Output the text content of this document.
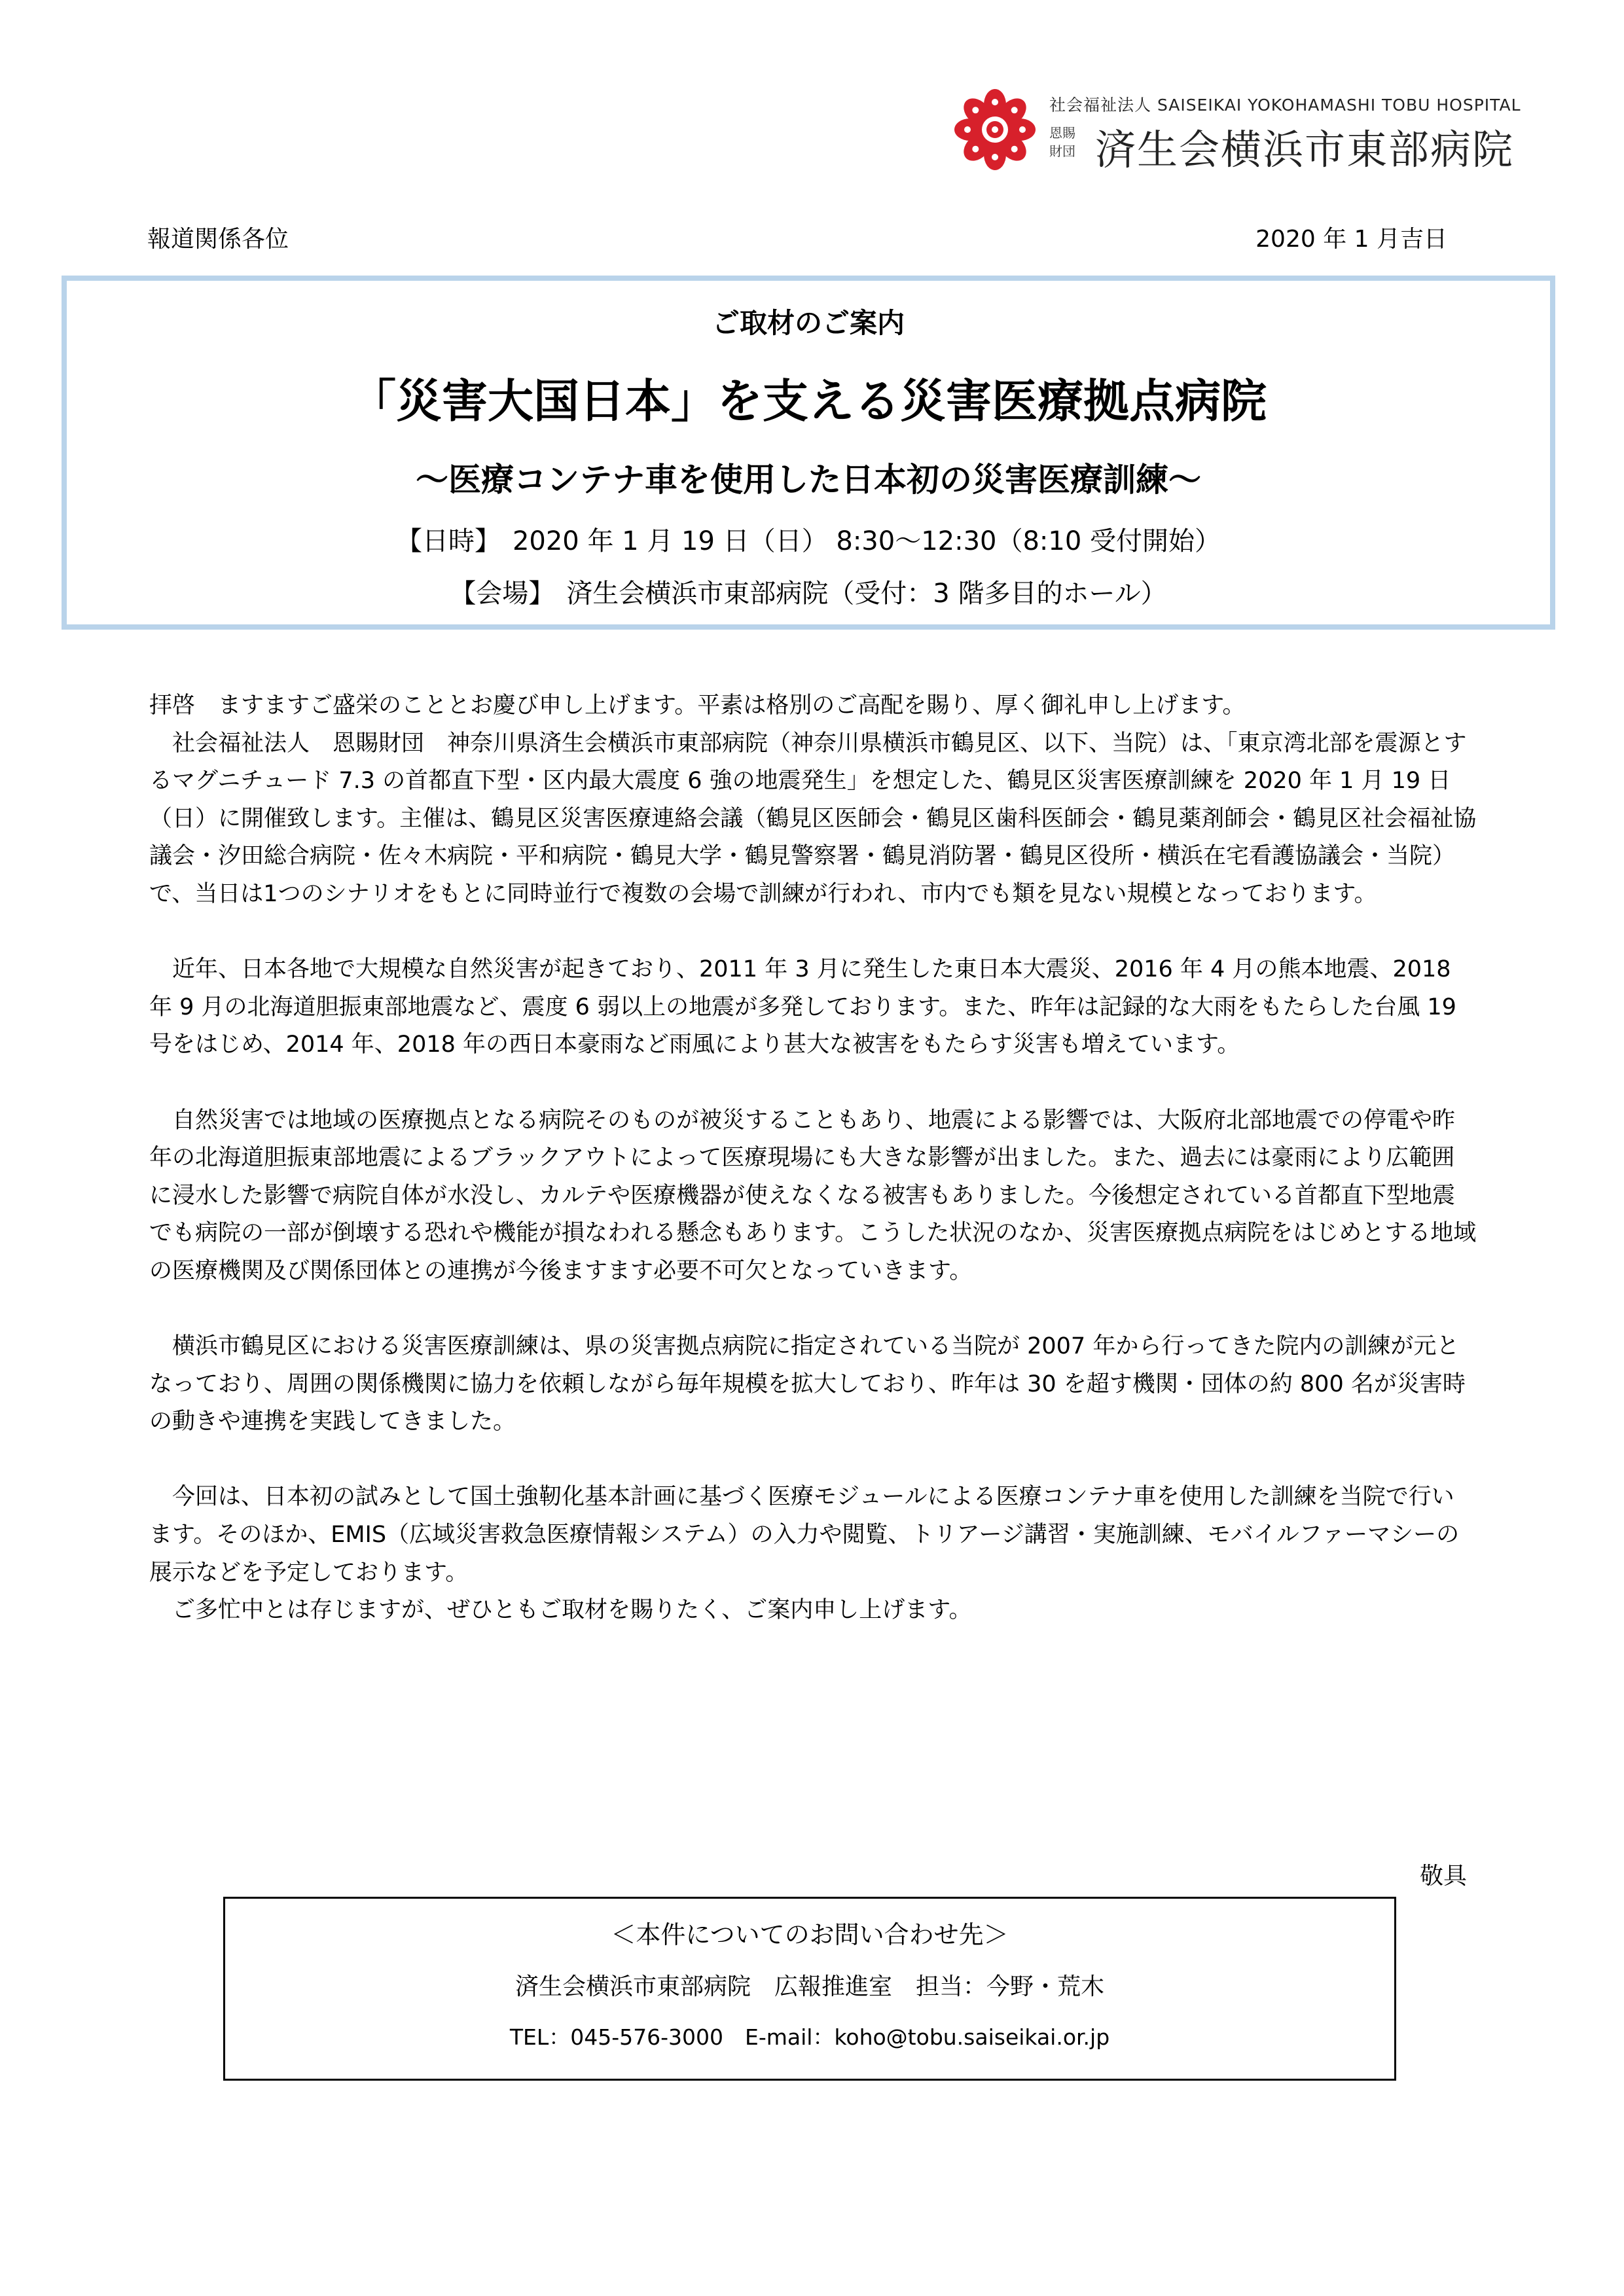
社会福祉法人 SAISEIKAI YOKOHAMASHI TOBU HOSPITAL
恩賜財団 済生会横浜市東部病院
報道関係各位	2020 年 1 月吉日
ご取材のご案内
「災害大国日本」を支える災害医療拠点病院
～医療コンテナ車を使用した日本初の災害医療訓練～
【日時】 2020 年 1 月 19 日（日） 8:30～12:30（8:10 受付開始）
【会場】 済生会横浜市東部病院（受付：3 階多目的ホール）

拝啓　ますますご盛栄のこととお慶び申し上げます。平素は格別のご高配を賜り、厚く御礼申し上げます。

社会福祉法人　恩賜財団　神奈川県済生会横浜市東部病院（神奈川県横浜市鶴見区、以下、当院）は、「東京湾北部を震源とするマグニチュード 7.3 の首都直下型・区内最大震度 6 強の地震発生」を想定した、鶴見区災害医療訓練を 2020 年 1 月 19 日（日）に開催致します。主催は、鶴見区災害医療連絡会議（鶴見区医師会・鶴見区歯科医師会・鶴見薬剤師会・鶴見区社会福祉協議会・汐田総合病院・佐々木病院・平和病院・鶴見大学・鶴見警察署・鶴見消防署・鶴見区役所・横浜在宅看護協議会・当院）で、当日は1つのシナリオをもとに同時並行で複数の会場で訓練が行われ、市内でも類を見ない規模となっております。

近年、日本各地で大規模な自然災害が起きており、2011 年 3 月に発生した東日本大震災、2016 年 4 月の熊本地震、2018 年 9 月の北海道胆振東部地震など、震度 6 弱以上の地震が多発しております。また、昨年は記録的な大雨をもたらした台風 19 号をはじめ、2014 年、2018 年の西日本豪雨など雨風により甚大な被害をもたらす災害も増えています。

自然災害では地域の医療拠点となる病院そのものが被災することもあり、地震による影響では、大阪府北部地震での停電や昨年の北海道胆振東部地震によるブラックアウトによって医療現場にも大きな影響が出ました。また、過去には豪雨により広範囲に浸水した影響で病院自体が水没し、カルテや医療機器が使えなくなる被害もありました。今後想定されている首都直下型地震でも病院の一部が倒壊する恐れや機能が損なわれる懸念もあります。こうした状況のなか、災害医療拠点病院をはじめとする地域の医療機関及び関係団体との連携が今後ますます必要不可欠となっていきます。

横浜市鶴見区における災害医療訓練は、県の災害拠点病院に指定されている当院が 2007 年から行ってきた院内の訓練が元となっており、周囲の関係機関に協力を依頼しながら毎年規模を拡大しており、昨年は 30 を超す機関・団体の約 800 名が災害時の動きや連携を実践してきました。

今回は、日本初の試みとして国土強靭化基本計画に基づく医療モジュールによる医療コンテナ車を使用した訓練を当院で行います。そのほか、EMIS（広域災害救急医療情報システム）の入力や閲覧、トリアージ講習・実施訓練、モバイルファーマシーの展示などを予定しております。

ご多忙中とは存じますが、ぜひともご取材を賜りたく、ご案内申し上げます。

敬具
＜本件についてのお問い合わせ先＞
済生会横浜市東部病院　広報推進室　担当：今野・荒木
TEL：045-576-3000　E-mail：koho@tobu.saiseikai.or.jp
